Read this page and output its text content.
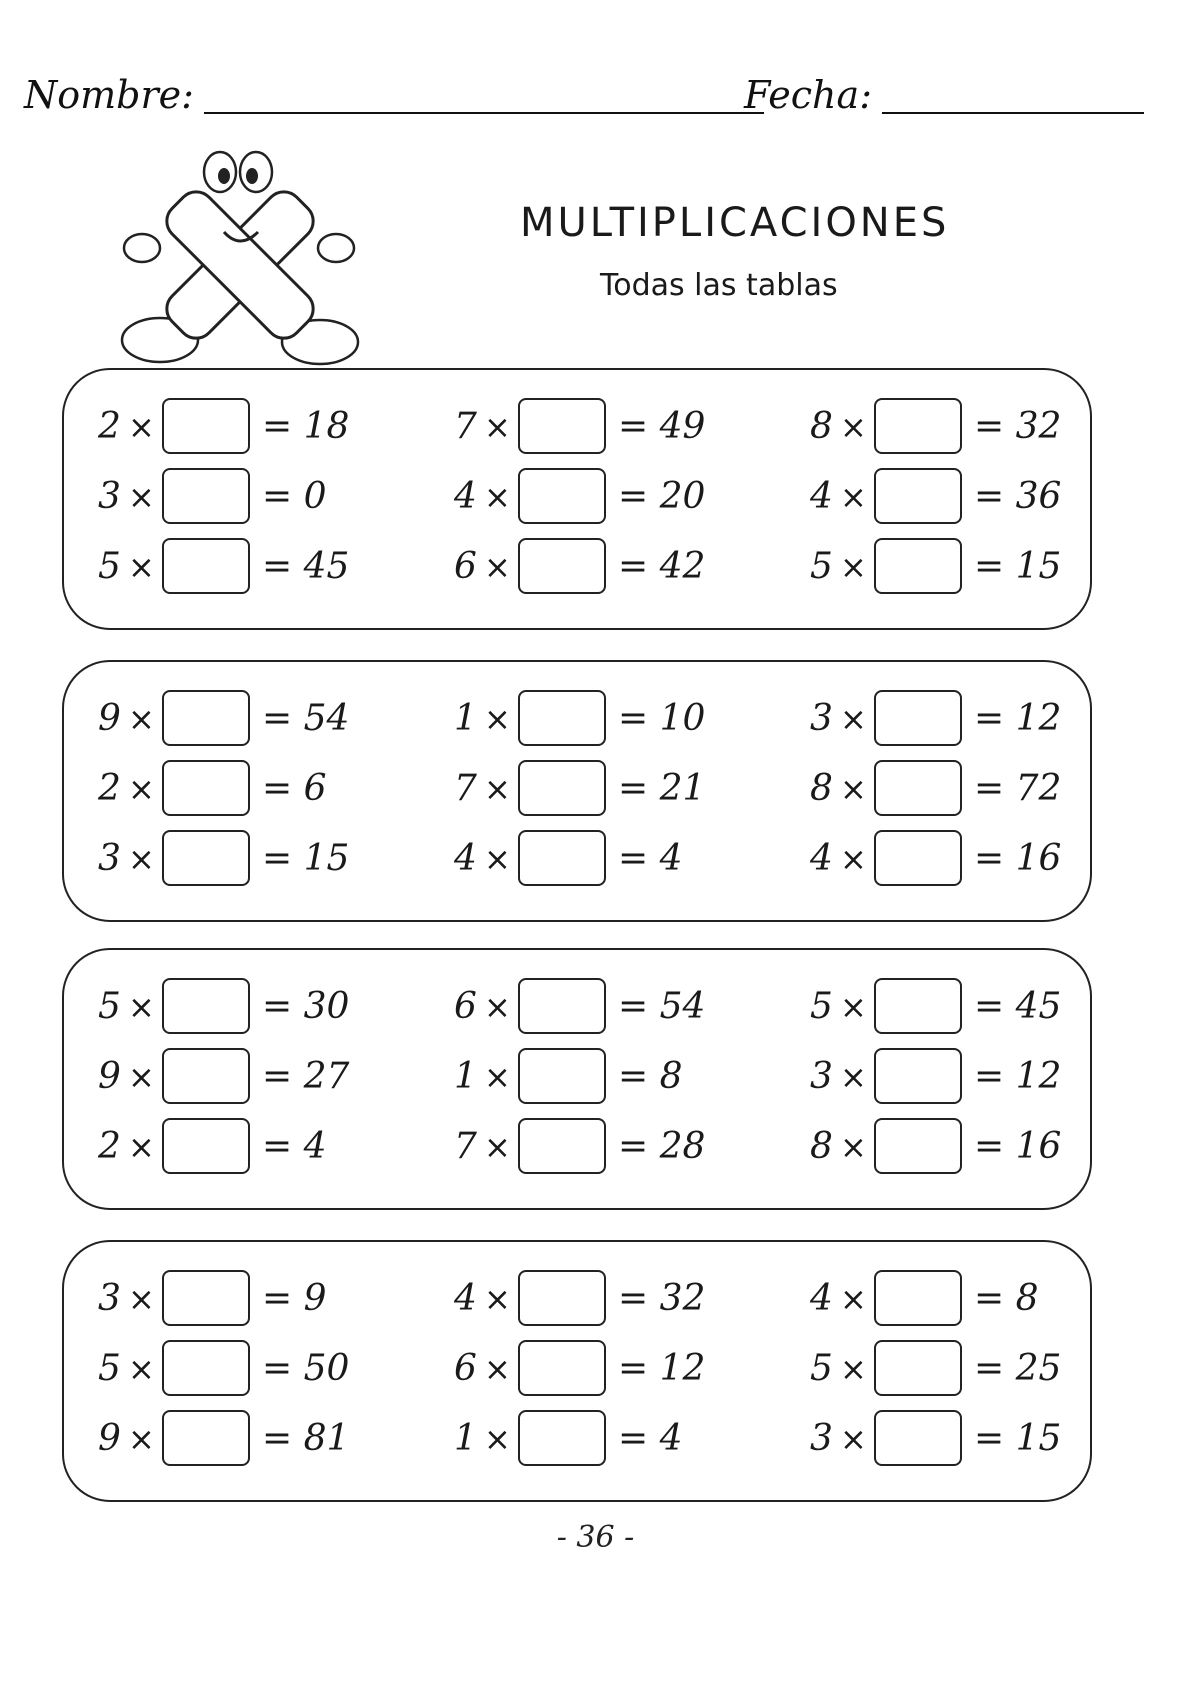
Nombre:	Fecha:
MULTIPLICACIONES
Todas las tablas
2 ×	= 18	7 ×	= 49	8 ×	= 32
3 ×	= 0	4 ×	= 20	4 ×	= 36
5 ×	= 45	6 ×	= 42	5 ×	= 15
9 ×	= 54	1 ×	= 10	3 ×	= 12
2 ×	= 6	7 ×	= 21	8 ×	= 72
3 ×	= 15	4 ×	= 4	4 ×	= 16
5 ×	= 30	6 ×	= 54	5 ×	= 45
9 ×	= 27	1 ×	= 8	3 ×	= 12
2 ×	= 4	7 ×	= 28	8 ×	= 16
3 ×	= 9	4 ×	= 32	4 ×	= 8
5 ×	= 50	6 ×	= 12	5 ×	= 25
9 ×	= 81	1 ×	= 4	3 ×	= 15
- 36 -
